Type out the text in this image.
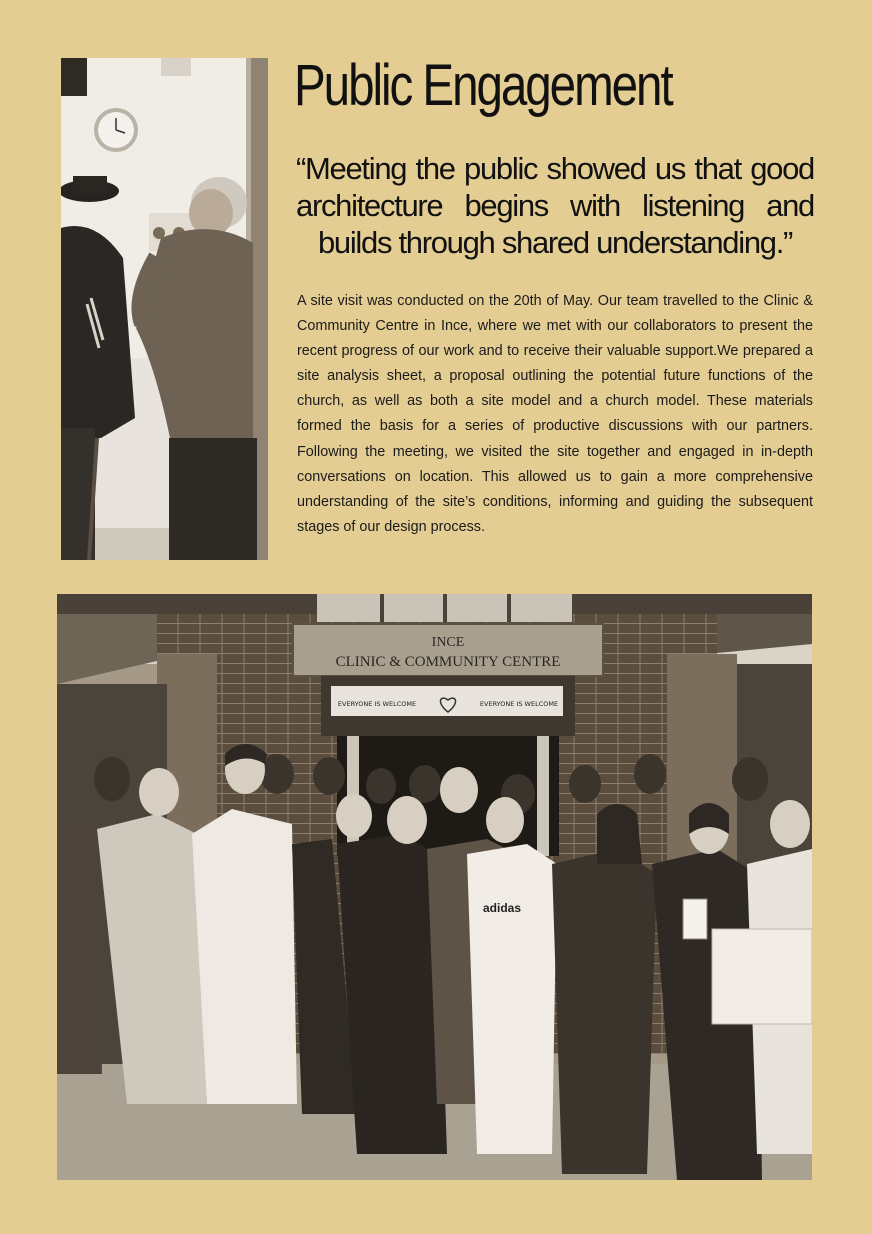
Public Engagement

“Meeting the public showed us that good architecture begins with listening and builds through shared understanding.”

A site visit was conducted on the 20th of May. Our team travelled to the Clinic & Community Centre in Ince, where we met with our collaborators to present the recent progress of our work and to receive their valuable support.We prepared a site analysis sheet, a proposal outlining the potential future functions of the church, as well as both a site model and a church model. These materials formed the basis for a series of productive discussions with our partners. Following the meeting, we visited the site together and engaged in in-depth conversations on location. This allowed us to gain a more comprehensive understanding of the site’s conditions, informing and guiding the subsequent stages of our design process.

INCE
CLINIC & COMMUNITY CENTRE
EVERYONE IS WELCOME	EVERYONE IS WELCOME
adidas
